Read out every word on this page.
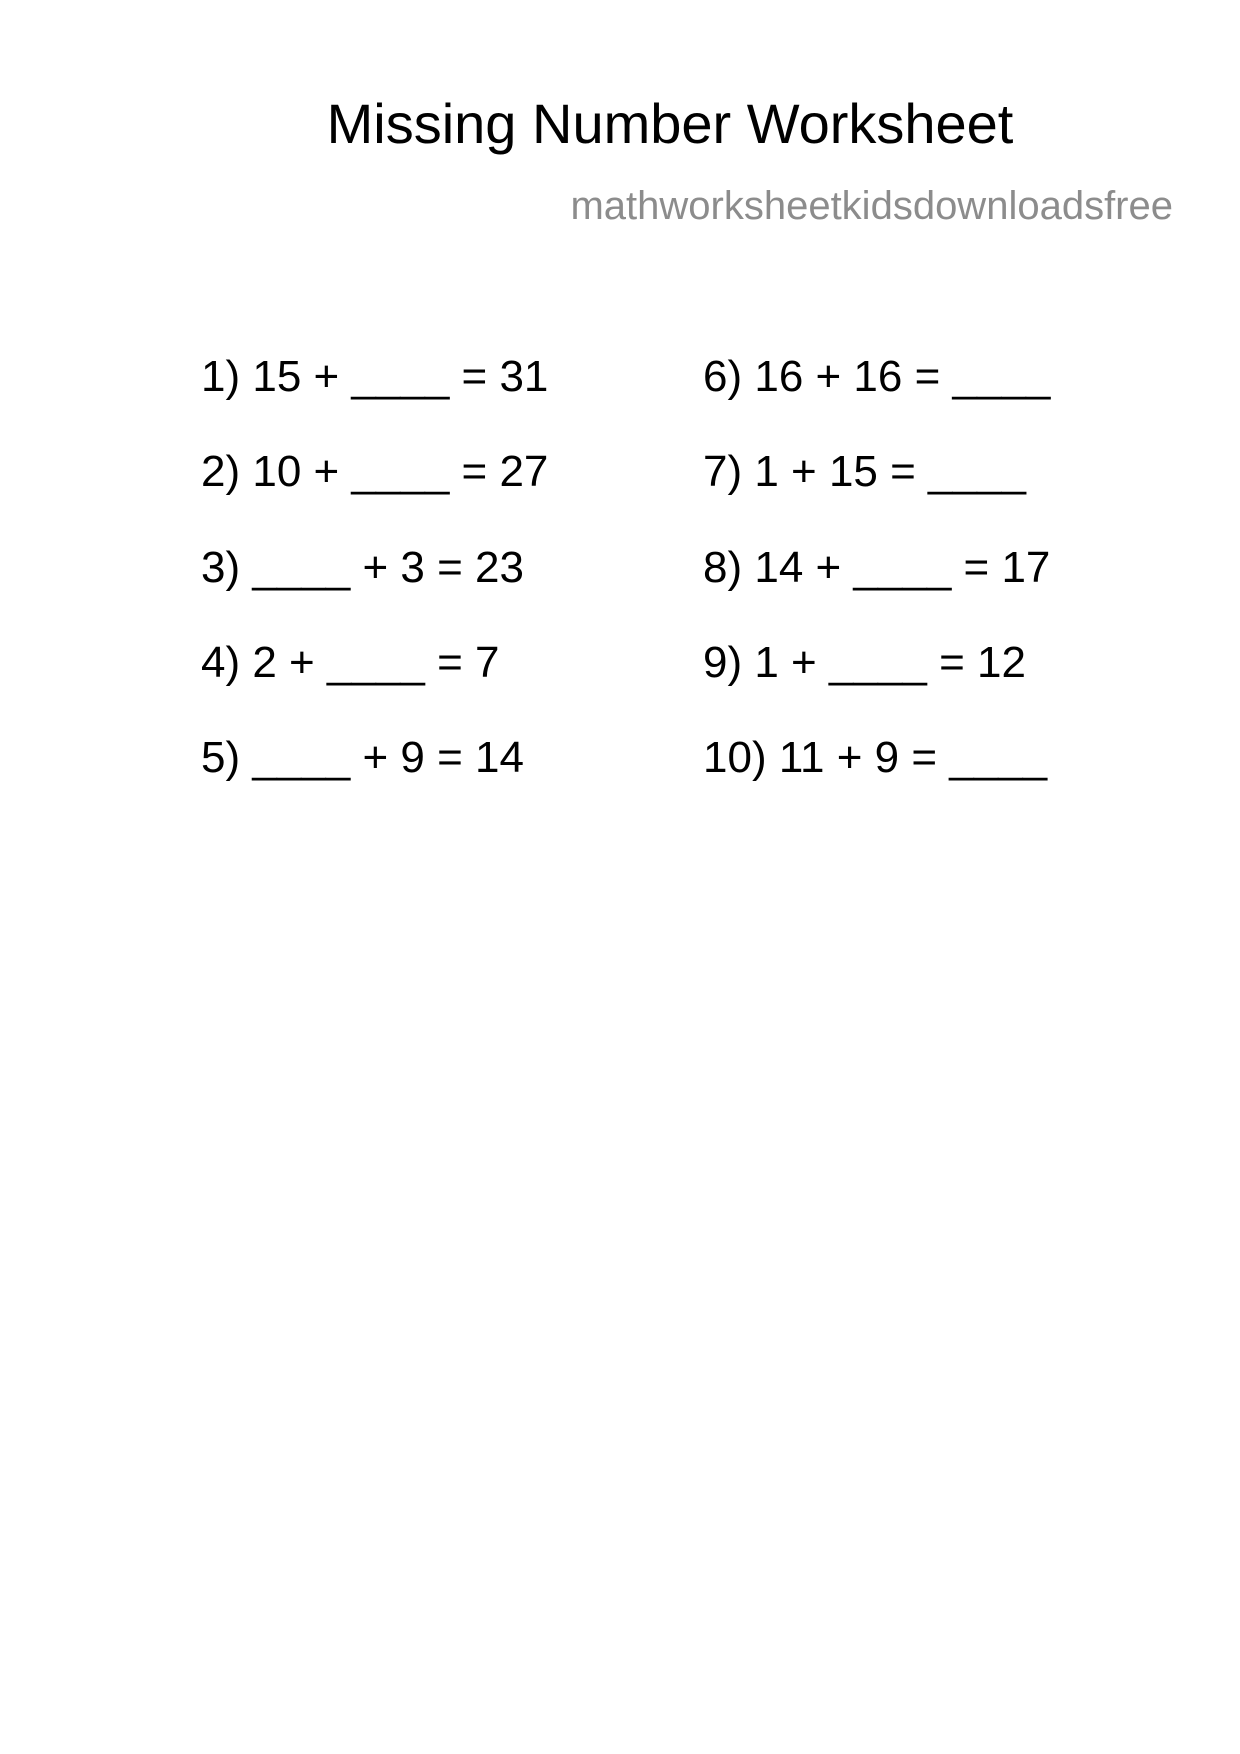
Missing Number Worksheet
mathworksheetkidsdownloadsfree
1) 15 + ____ = 31
2) 10 + ____ = 27
3) ____ + 3 = 23
4) 2 + ____ = 7
5) ____ + 9 = 14
6) 16 + 16 = ____
7) 1 + 15 = ____
8) 14 + ____ = 17
9) 1 + ____ = 12
10) 11 + 9 = ____
